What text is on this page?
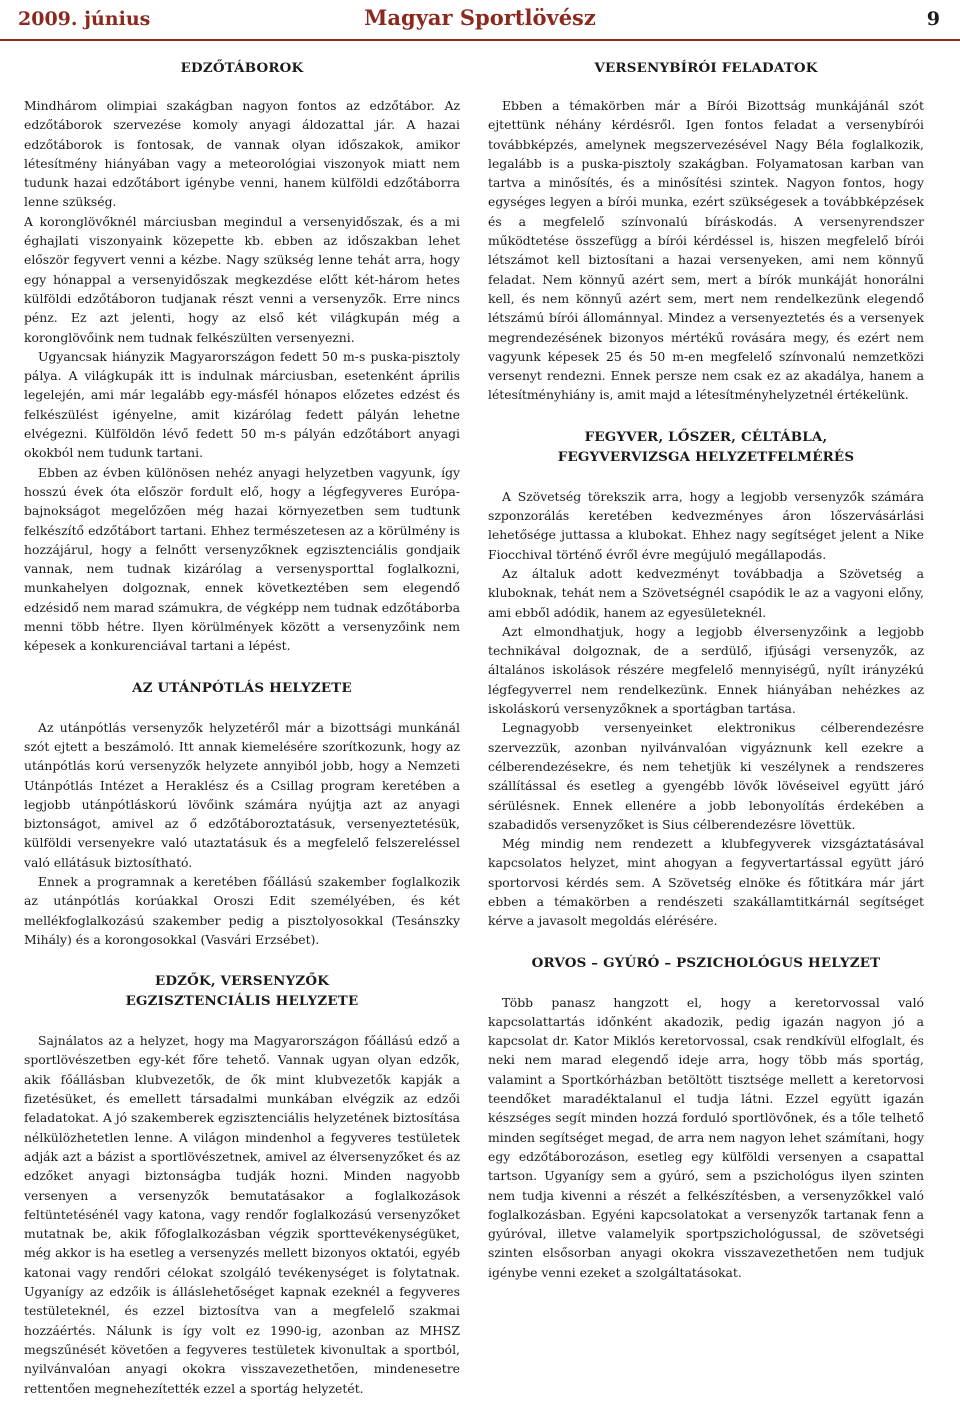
2009. június	Magyar Sportlövész	9
EDZŐTÁBOROK

Mindhárom olimpiai szakágban nagyon fontos az edzőtábor. Az edzőtáborok szervezése komoly anyagi áldozattal jár. A hazai edzőtáborok is fontosak, de vannak olyan időszakok, amikor létesítmény hiányában vagy a meteorológiai viszonyok miatt nem tudunk hazai edzőtábort igénybe venni, hanem külföldi edzőtáborra lenne szükség.

A koronglövőknél márciusban megindul a versenyidőszak, és a mi éghajlati viszonyaink közepette kb. ebben az időszakban lehet először fegyvert venni a kézbe. Nagy szükség lenne tehát arra, hogy egy hónappal a versenyidőszak megkezdése előtt két-három hetes külföldi edzőtáboron tudjanak részt venni a versenyzők. Erre nincs pénz. Ez azt jelenti, hogy az első két világkupán még a koronglövőink nem tudnak felkészülten versenyezni.

Ugyancsak hiányzik Magyarországon fedett 50 m-s puska-pisztoly pálya. A világkupák itt is indulnak márciusban, esetenként április legelején, ami már legalább egy-másfél hónapos előzetes edzést és felkészülést igényelne, amit kizárólag fedett pályán lehetne elvégezni. Külföldön lévő fedett 50 m-s pályán edzőtábort anyagi okokból nem tudunk tartani.

Ebben az évben különösen nehéz anyagi helyzetben vagyunk, így hosszú évek óta először fordult elő, hogy a légfegyveres Európa-bajnokságot megelőzően még hazai környezetben sem tudtunk felkészítő edzőtábort tartani. Ehhez természetesen az a körülmény is hozzájárul, hogy a felnőtt versenyzőknek egzisztenciális gondjaik vannak, nem tudnak kizárólag a versenysporttal foglalkozni, munkahelyen dolgoznak, ennek következtében sem elegendő edzésidő nem marad számukra, de végképp nem tudnak edzőtáborba menni több hétre. Ilyen körülmények között a versenyzőink nem képesek a konkurenciával tartani a lépést.

AZ UTÁNPÓTLÁS HELYZETE

Az utánpótlás versenyzők helyzetéről már a bizottsági munkánál szót ejtett a beszámoló. Itt annak kiemelésére szorítkozunk, hogy az utánpótlás korú versenyzők helyzete annyiból jobb, hogy a Nemzeti Utánpótlás Intézet a Heraklész és a Csillag program keretében a legjobb utánpótláskorú lövőink számára nyújtja azt az anyagi biztonságot, amivel az ő edzőtáboroztatásuk, versenyeztetésük, külföldi versenyekre való utaztatásuk és a megfelelő felszereléssel való ellátásuk biztosítható.

Ennek a programnak a keretében főállású szakember foglalkozik az utánpótlás korúakkal Oroszi Edit személyében, és két mellékfoglalkozású szakember pedig a pisztolyosokkal (Tesánszky Mihály) és a korongosokkal (Vasvári Erzsébet).

EDZŐK, VERSENYZŐK
EGZISZTENCIÁLIS HELYZETE

Sajnálatos az a helyzet, hogy ma Magyarországon főállású edző a sportlövészetben egy-két főre tehető. Vannak ugyan olyan edzők, akik főállásban klubvezetők, de ők mint klubvezetők kapják a fizetésüket, és emellett társadalmi munkában elvégzik az edzői feladatokat. A jó szakemberek egzisztenciális helyzetének biztosítása nélkülözhetetlen lenne. A világon mindenhol a fegyveres testületek adják azt a bázist a sportlövészetnek, amivel az élversenyzőket és az edzőket anyagi biztonságba tudják hozni. Minden nagyobb versenyen a versenyzők bemutatásakor a foglalkozások feltüntetésénél vagy katona, vagy rendőr foglalkozású versenyzőket mutatnak be, akik főfoglalkozásban végzik sporttevékenységüket, még akkor is ha esetleg a versenyzés mellett bizonyos oktatói, egyéb katonai vagy rendőri célokat szolgáló tevékenységet is folytatnak. Ugyanígy az edzőik is álláslehetőséget kapnak ezeknél a fegyveres testületeknél, és ezzel biztosítva van a megfelelő szakmai hozzáértés. Nálunk is így volt ez 1990-ig, azonban az MHSZ megszűnését követően a fegyveres testületek kivonultak a sportból, nyilvánvalóan anyagi okokra visszavezethetően, mindenesetre rettentően megnehezítették ezzel a sportág helyzetét.

VERSENYBÍRÓI FELADATOK

Ebben a témakörben már a Bírói Bizottság munkájánál szót ejtettünk néhány kérdésről. Igen fontos feladat a versenybírói továbbképzés, amelynek megszervezésével Nagy Béla foglalkozik, legalább is a puska-pisztoly szakágban. Folyamatosan karban van tartva a minősítés, és a minősítési szintek. Nagyon fontos, hogy egységes legyen a bírói munka, ezért szükségesek a továbbképzések és a megfelelő színvonalú bíráskodás. A versenyrendszer működtetése összefügg a bírói kérdéssel is, hiszen megfelelő bírói létszámot kell biztosítani a hazai versenyeken, ami nem könnyű feladat. Nem könnyű azért sem, mert a bírók munkáját honorálni kell, és nem könnyű azért sem, mert nem rendelkezünk elegendő létszámú bírói állománnyal. Mindez a versenyeztetés és a versenyek megrendezésének bizonyos mértékű rovására megy, és ezért nem vagyunk képesek 25 és 50 m-en megfelelő színvonalú nemzetközi versenyt rendezni. Ennek persze nem csak ez az akadálya, hanem a létesítményhiány is, amit majd a létesítményhelyzetnél értékelünk.

FEGYVER, LŐSZER, CÉLTÁBLA,
FEGYVERVIZSGA HELYZETFELMÉRÉS

A Szövetség törekszik arra, hogy a legjobb versenyzők számára szponzorálás keretében kedvezményes áron lőszervásárlási lehetősége juttassa a klubokat. Ehhez nagy segítséget jelent a Nike Fiocchival történő évről évre megújuló megállapodás.

Az általuk adott kedvezményt továbbadja a Szövetség a kluboknak, tehát nem a Szövetségnél csapódik le az a vagyoni előny, ami ebből adódik, hanem az egyesületeknél.

Azt elmondhatjuk, hogy a legjobb élversenyzőink a legjobb technikával dolgoznak, de a serdülő, ifjúsági versenyzők, az általános iskolások részére megfelelő mennyiségű, nyílt irányzékú légfegyverrel nem rendelkezünk. Ennek hiányában nehézkes az iskoláskorú versenyzőknek a sportágban tartása.

Legnagyobb versenyeinket elektronikus célberendezésre szervezzük, azonban nyilvánvalóan vigyáznunk kell ezekre a célberendezésekre, és nem tehetjük ki veszélynek a rendszeres szállítással és esetleg a gyengébb lövők lövéseivel együtt járó sérülésnek. Ennek ellenére a jobb lebonyolítás érdekében a szabadidős versenyzőket is Sius célberendezésre lövettük.

Még mindig nem rendezett a klubfegyverek vizsgáztatásával kapcsolatos helyzet, mint ahogyan a fegyvertartással együtt járó sportorvosi kérdés sem. A Szövetség elnöke és főtitkára már járt ebben a témakörben a rendészeti szakállamtitkárnál segítséget kérve a javasolt megoldás elérésére.

ORVOS – GYÚRÓ – PSZICHOLÓGUS HELYZET

Több panasz hangzott el, hogy a keretorvossal való kapcsolattartás időnként akadozik, pedig igazán nagyon jó a kapcsolat dr. Kator Miklós keretorvossal, csak rendkívül elfoglalt, és neki nem marad elegendő ideje arra, hogy több más sportág, valamint a Sportkórházban betöltött tisztsége mellett a keretorvosi teendőket maradéktalanul el tudja látni. Ezzel együtt igazán készséges segít minden hozzá forduló sportlövőnek, és a tőle telhető minden segítséget megad, de arra nem nagyon lehet számítani, hogy egy edzőtáborozáson, esetleg egy külföldi versenyen a csapattal tartson. Ugyanígy sem a gyúró, sem a pszichológus ilyen szinten nem tudja kivenni a részét a felkészítésben, a versenyzőkkel való foglalkozásban. Egyéni kapcsolatokat a versenyzők tartanak fenn a gyúróval, illetve valamelyik sportpszichológussal, de szövetségi szinten elsősorban anyagi okokra visszavezethetően nem tudjuk igénybe venni ezeket a szolgáltatásokat.
